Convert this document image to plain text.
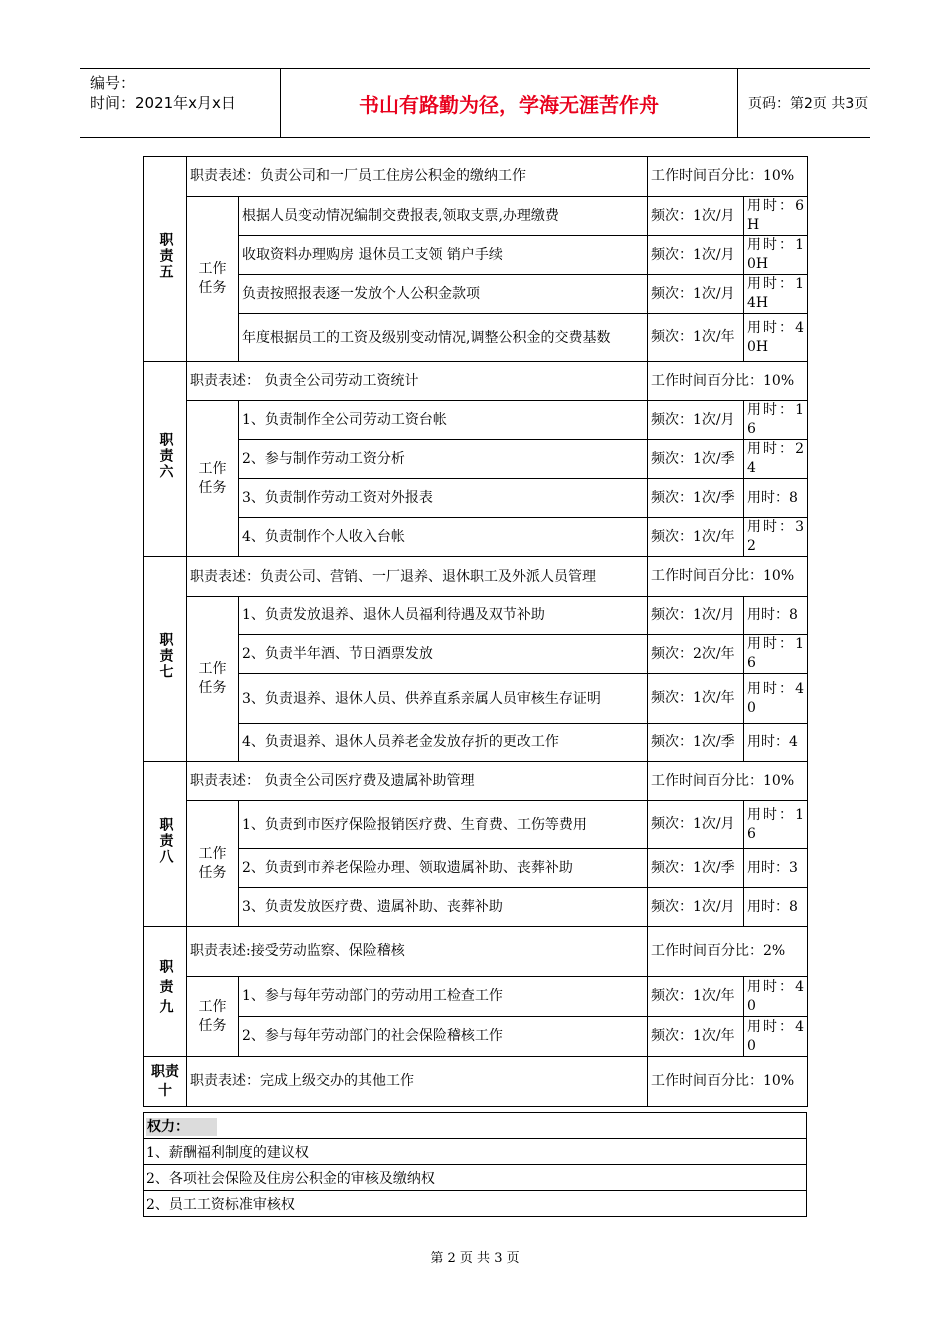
编号：
时间：2021年x月x日	书山有路勤为径，学海无涯苦作舟	页码：第2页 共3页
职责五	职责表述：负责公司和一厂员工住房公积金的缴纳工作		工作时间百分比：10%	

	工作任务	根据人员变动情况编制交费报表,领取支票,办理缴费	频次：1次/月	用时：6H
		收取资料办理购房 退休员工支领 销户手续	频次：1次/月	用时：10H
		负责按照报表逐一发放个人公积金款项	频次：1次/月	用时：14H
		年度根据员工的工资及级别变动情况,调整公积金的交费基数	频次：1次/年	用时：40H
职责六	职责表述： 负责全公司劳动工资统计		工作时间百分比：10%	

	工作任务	1、负责制作全公司劳动工资台帐	频次：1次/月	用时：16
		2、参与制作劳动工资分析	频次：1次/季	用时：24
		3、负责制作劳动工资对外报表	频次：1次/季	用时：8
		4、负责制作个人收入台帐	频次：1次/年	用时：32
职责七	职责表述：负责公司、营销、一厂退养、退休职工及外派人员管理		工作时间百分比：10%	

	工作任务	1、负责发放退养、退休人员福利待遇及双节补助	频次：1次/月	用时：8
		2、负责半年酒、节日酒票发放	频次：2次/年	用时：16
		3、负责退养、退休人员、供养直系亲属人员审核生存证明	频次：1次/年	用时：40
		4、负责退养、退休人员养老金发放存折的更改工作	频次：1次/季	用时：4
职责八	职责表述： 负责全公司医疗费及遗属补助管理		工作时间百分比：10%	

	工作任务	1、负责到市医疗保险报销医疗费、生育费、工伤等费用	频次：1次/月	用时：16
		2、负责到市养老保险办理、领取遗属补助、丧葬补助	频次：1次/季	用时：3
		3、负责发放医疗费、遗属补助、丧葬补助	频次：1次/月	用时：8
职责九	职责表述:接受劳动监察、保险稽核		工作时间百分比：2%	

	工作任务	1、参与每年劳动部门的劳动用工检查工作	频次：1次/年	用时：40
		2、参与每年劳动部门的社会保险稽核工作	频次：1次/年	用时：40

职责十	职责表述：完成上级交办的其他工作		工作时间百分比：10%	
权力：
1、薪酬福利制度的建议权
2、各项社会保险及住房公积金的审核及缴纳权
2、员工工资标准审核权
第 2 页 共 3 页
